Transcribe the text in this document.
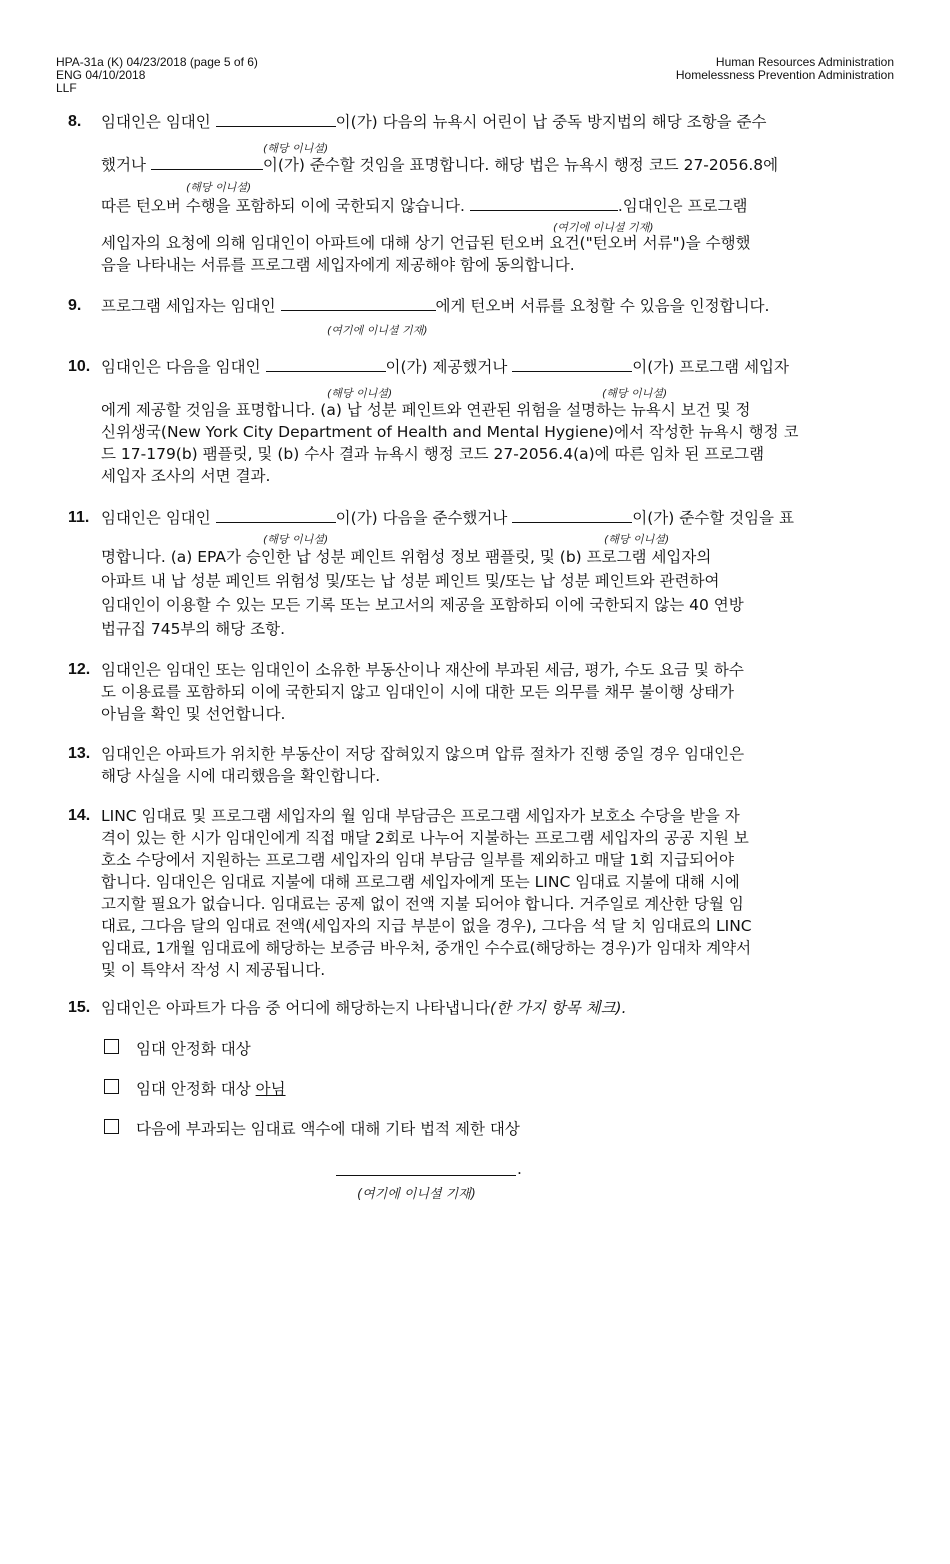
HPA-31a (K) 04/23/2018 (page 5 of 6)
ENG 04/10/2018
LLF
Human Resources Administration
Homelessness Prevention Administration
8. 임대인은 임대인	이(가) 다음의 뉴욕시 어린이 납 중독 방지법의 해당 조항을 준수
(해당 이니셜)
했거나	이(가) 준수할 것임을 표명합니다. 해당 법은 뉴욕시 행정 코드 27-2056.8에
(해당 이니셜)
따른 턴오버 수행을 포함하되 이에 국한되지 않습니다.	.임대인은 프로그램
(여기에 이니셜 기재)
세입자의 요청에 의해 임대인이 아파트에 대해 상기 언급된 턴오버 요건("턴오버 서류")을 수행했
음을 나타내는 서류를 프로그램 세입자에게 제공해야 함에 동의합니다.
9. 프로그램 세입자는 임대인	에게 턴오버 서류를 요청할 수 있음을 인정합니다.
(여기에 이니셜 기재)
10. 임대인은 다음을 임대인	이(가) 제공했거나	이(가) 프로그램 세입자
(해당 이니셜)	(해당 이니셜)
에게 제공할 것임을 표명합니다. (a) 납 성분 페인트와 연관된 위험을 설명하는 뉴욕시 보건 및 정
신위생국(New York City Department of Health and Mental Hygiene)에서 작성한 뉴욕시 행정 코
드 17-179(b) 팸플릿, 및 (b) 수사 결과 뉴욕시 행정 코드 27-2056.4(a)에 따른 임차 된 프로그램
세입자 조사의 서면 결과.
11. 임대인은 임대인	이(가) 다음을 준수했거나	이(가) 준수할 것임을 표
(해당 이니셜)	(해당 이니셜)
명합니다. (a) EPA가 승인한 납 성분 페인트 위험성 정보 팸플릿, 및 (b) 프로그램 세입자의
아파트 내 납 성분 페인트 위험성 및/또는 납 성분 페인트 및/또는 납 성분 페인트와 관련하여
임대인이 이용할 수 있는 모든 기록 또는 보고서의 제공을 포함하되 이에 국한되지 않는 40 연방
법규집 745부의 해당 조항.
12. 임대인은 임대인 또는 임대인이 소유한 부동산이나 재산에 부과된 세금, 평가, 수도 요금 및 하수
도 이용료를 포함하되 이에 국한되지 않고 임대인이 시에 대한 모든 의무를 채무 불이행 상태가
아님을 확인 및 선언합니다.
13. 임대인은 아파트가 위치한 부동산이 저당 잡혀있지 않으며 압류 절차가 진행 중일 경우 임대인은
해당 사실을 시에 대리했음을 확인합니다.
14. LINC 임대료 및 프로그램 세입자의 월 임대 부담금은 프로그램 세입자가 보호소 수당을 받을 자
격이 있는 한 시가 임대인에게 직접 매달 2회로 나누어 지불하는 프로그램 세입자의 공공 지원 보
호소 수당에서 지원하는 프로그램 세입자의 임대 부담금 일부를 제외하고 매달 1회 지급되어야
합니다. 임대인은 임대료 지불에 대해 프로그램 세입자에게 또는 LINC 임대료 지불에 대해 시에
고지할 필요가 없습니다. 임대료는 공제 없이 전액 지불 되어야 합니다. 거주일로 계산한 당월 임
대료, 그다음 달의 임대료 전액(세입자의 지급 부분이 없을 경우), 그다음 석 달 치 임대료의 LINC
임대료, 1개월 임대료에 해당하는 보증금 바우처, 중개인 수수료(해당하는 경우)가 임대차 계약서
및 이 특약서 작성 시 제공됩니다.
15. 임대인은 아파트가 다음 중 어디에 해당하는지 나타냅니다(한 가지 항목 체크).
임대 안정화 대상
임대 안정화 대상 아님
다음에 부과되는 임대료 액수에 대해 기타 법적 제한 대상
.
(여기에 이니셜 기재)
